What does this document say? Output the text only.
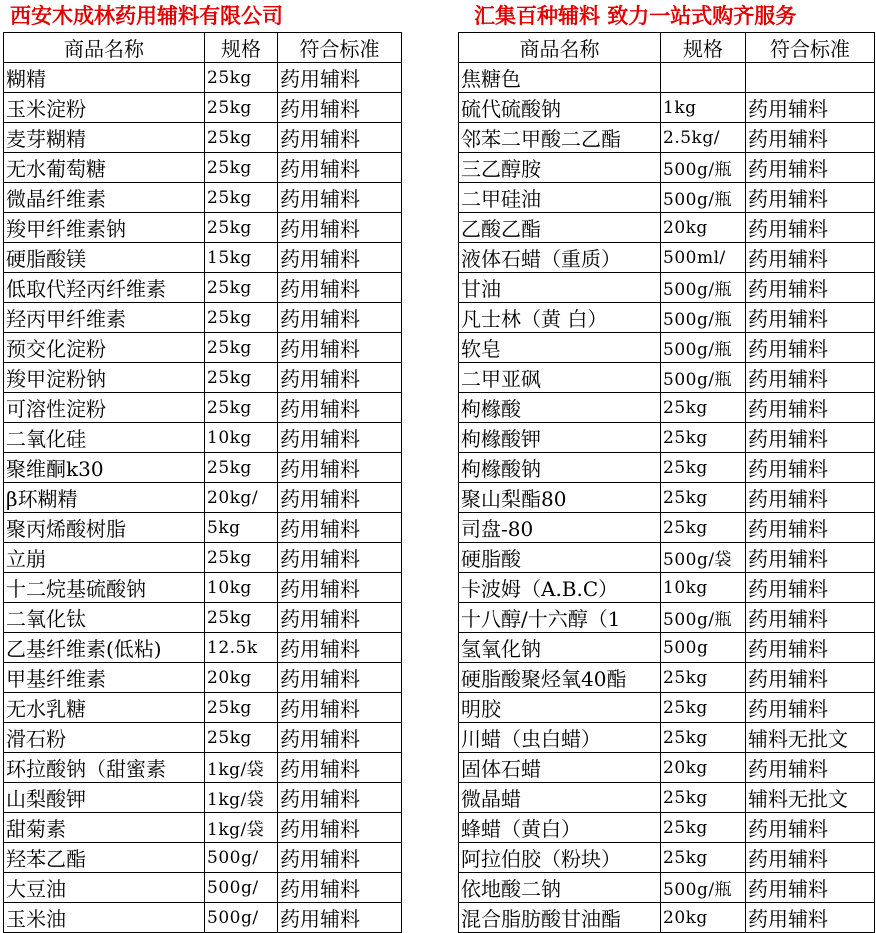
西安木成林药用辅料有限公司	汇集百种辅料 致力一站式购齐服务
商品名称	规格	符合标准
糊精	25kg	药用辅料
玉米淀粉	25kg	药用辅料
麦芽糊精	25kg	药用辅料
无水葡萄糖	25kg	药用辅料
微晶纤维素	25kg	药用辅料
羧甲纤维素钠	25kg	药用辅料
硬脂酸镁	15kg	药用辅料
低取代羟丙纤维素	25kg	药用辅料
羟丙甲纤维素	25kg	药用辅料
预交化淀粉	25kg	药用辅料
羧甲淀粉钠	25kg	药用辅料
可溶性淀粉	25kg	药用辅料
二氧化硅	10kg	药用辅料
聚维酮k30	25kg	药用辅料
β环糊精	20kg/	药用辅料
聚丙烯酸树脂	5kg	药用辅料
立崩	25kg	药用辅料
十二烷基硫酸钠	10kg	药用辅料
二氧化钛	25kg	药用辅料
乙基纤维素(低粘)	12.5k	药用辅料
甲基纤维素	20kg	药用辅料
无水乳糖	25kg	药用辅料
滑石粉	25kg	药用辅料
环拉酸钠（甜蜜素	1kg/袋	药用辅料
山梨酸钾	1kg/袋	药用辅料
甜菊素	1kg/袋	药用辅料
羟苯乙酯	500g/	药用辅料
大豆油	500g/	药用辅料
玉米油	500g/	药用辅料
商品名称	规格	符合标准
焦糖色		
硫代硫酸钠	1kg	药用辅料
邻苯二甲酸二乙酯	2.5kg/	药用辅料
三乙醇胺	500g/瓶	药用辅料
二甲硅油	500g/瓶	药用辅料
乙酸乙酯	20kg	药用辅料
液体石蜡（重质）	500ml/	药用辅料
甘油	500g/瓶	药用辅料
凡士林（黄 白）	500g/瓶	药用辅料
软皂	500g/瓶	药用辅料
二甲亚砜	500g/瓶	药用辅料
枸橼酸	25kg	药用辅料
枸橼酸钾	25kg	药用辅料
枸橼酸钠	25kg	药用辅料
聚山梨酯80	25kg	药用辅料
司盘-80	25kg	药用辅料
硬脂酸	500g/袋	药用辅料
卡波姆（A.B.C）	10kg	药用辅料
十八醇/十六醇（1	500g/瓶	药用辅料
氢氧化钠	500g	药用辅料
硬脂酸聚烃氧40酯	25kg	药用辅料
明胶	25kg	药用辅料
川蜡（虫白蜡）	25kg	辅料无批文
固体石蜡	20kg	药用辅料
微晶蜡	25kg	辅料无批文
蜂蜡（黄白）	25kg	药用辅料
阿拉伯胶（粉块）	25kg	药用辅料
依地酸二钠	500g/瓶	药用辅料
混合脂肪酸甘油酯	20kg	药用辅料
